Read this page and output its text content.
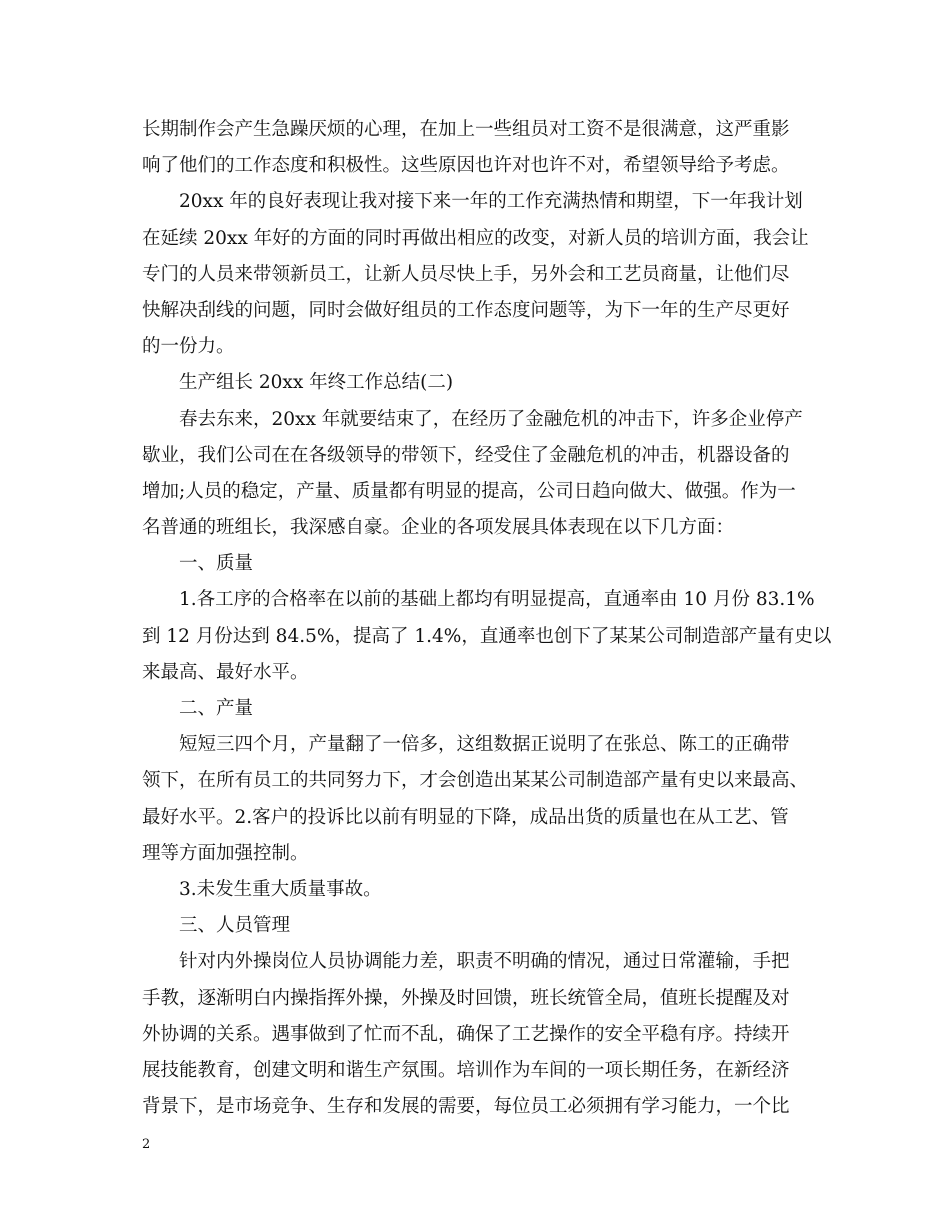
长期制作会产生急躁厌烦的心理，在加上一些组员对工资不是很满意，这严重影
响了他们的工作态度和积极性。这些原因也许对也许不对，希望领导给予考虑。
20xx 年的良好表现让我对接下来一年的工作充满热情和期望，下一年我计划
在延续 20xx 年好的方面的同时再做出相应的改变，对新人员的培训方面，我会让
专门的人员来带领新员工，让新人员尽快上手，另外会和工艺员商量，让他们尽
快解决刮线的问题，同时会做好组员的工作态度问题等，为下一年的生产尽更好
的一份力。
生产组长 20xx 年终工作总结(二)
春去东来，20xx 年就要结束了，在经历了金融危机的冲击下，许多企业停产
歇业，我们公司在在各级领导的带领下，经受住了金融危机的冲击，机器设备的
增加;人员的稳定，产量、质量都有明显的提高，公司日趋向做大、做强。作为一
名普通的班组长，我深感自豪。企业的各项发展具体表现在以下几方面：
一、质量
1.各工序的合格率在以前的基础上都均有明显提高，直通率由 10 月份 83.1%
到 12 月份达到 84.5%，提高了 1.4%，直通率也创下了某某公司制造部产量有史以
来最高、最好水平。
二、产量
短短三四个月，产量翻了一倍多，这组数据正说明了在张总、陈工的正确带
领下，在所有员工的共同努力下，才会创造出某某公司制造部产量有史以来最高、
最好水平。2.客户的投诉比以前有明显的下降，成品出货的质量也在从工艺、管
理等方面加强控制。
3.未发生重大质量事故。
三、人员管理
针对内外操岗位人员协调能力差，职责不明确的情况，通过日常灌输，手把
手教，逐渐明白内操指挥外操，外操及时回馈，班长统管全局，值班长提醒及对
外协调的关系。遇事做到了忙而不乱，确保了工艺操作的安全平稳有序。持续开
展技能教育，创建文明和谐生产氛围。培训作为车间的一项长期任务，在新经济
背景下，是市场竞争、生存和发展的需要，每位员工必须拥有学习能力，一个比
2
